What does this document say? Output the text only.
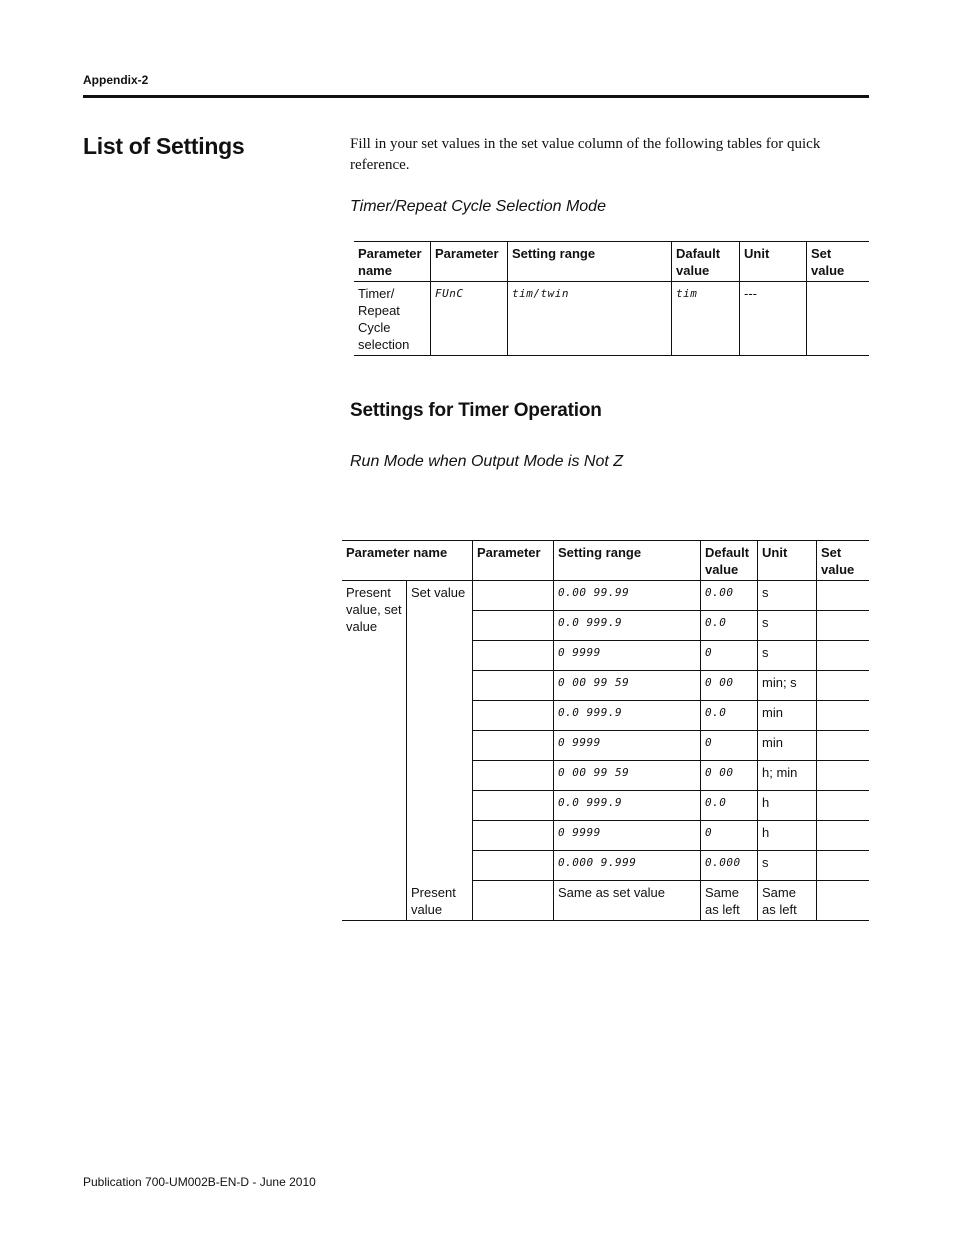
Appendix-2
List of Settings	Fill in your set values in the set value column of the following tables for quick reference.
Timer/Repeat Cycle Selection Mode
Parameter name	Parameter	Setting range	Dafault value	Unit	Set value
Timer/ Repeat Cycle selection	FUnC	tim/twin	tim	---	
Settings for Timer Operation
Run Mode when Output Mode is Not Z
Parameter name		Parameter	Setting range	Default value	Unit	Set value
Present value, set value	Set value		0.00 99.99	0.00	s	
			0.0 999.9	0.0	s	
			0 9999	0	s	
			0 00 99 59	0 00	min; s	
			0.0 999.9	0.0	min	
			0 9999	0	min	
			0 00 99 59	0 00	h; min	
			0.0 999.9	0.0	h	
			0 9999	0	h	
			0.000 9.999	0.000	s	
	Present value		Same as set value	Same as left	Same as left	
Publication 700-UM002B-EN-D - June 2010
